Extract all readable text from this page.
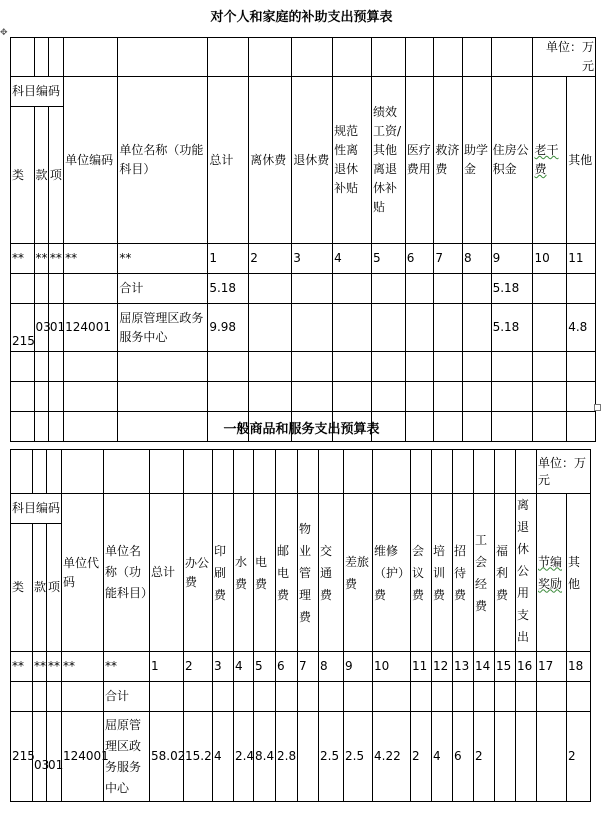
对个人和家庭的补助支出预算表
✥
														单位：万元	
科目编码			单位编码	单位名称（功能科目）	总计	离休费	退休费	规范性离退休补贴	绩效工资/其他离退休补贴	医疗费用	救济费	助学金	住房公积金	老干费	其他
类	款	项													
**	**	**	**	**	1	2	3	4	5	6	7	8	9	10	11
				合计	5.18								5.18		
215	03	01	124001	屈原管理区政务服务中心	9.98								5.18		4.8

一般商品和服务支出预算表
																					单位：万元	
科目编码			单位代码	单位名称（功能科目）	总计	办公费	印刷费	水费	电费	邮电费	物业管理费	交通费	差旅费	维修（护）费	会议费	培训费	招待费	工会经费	福利费	离退休公用支出	节编奖励	其他
类	款	项																				
**	**	**	**	**	1	2	3	4	5	6	7	8	9	10	11	12	13	14	15	16	17	18
				合计																		
215	03	01	124001	屈原管理区政务服务中心	58.02	15.2	4	2.4	8.4	2.8		2.5	2.5	4.22	2	4	6	2				2
